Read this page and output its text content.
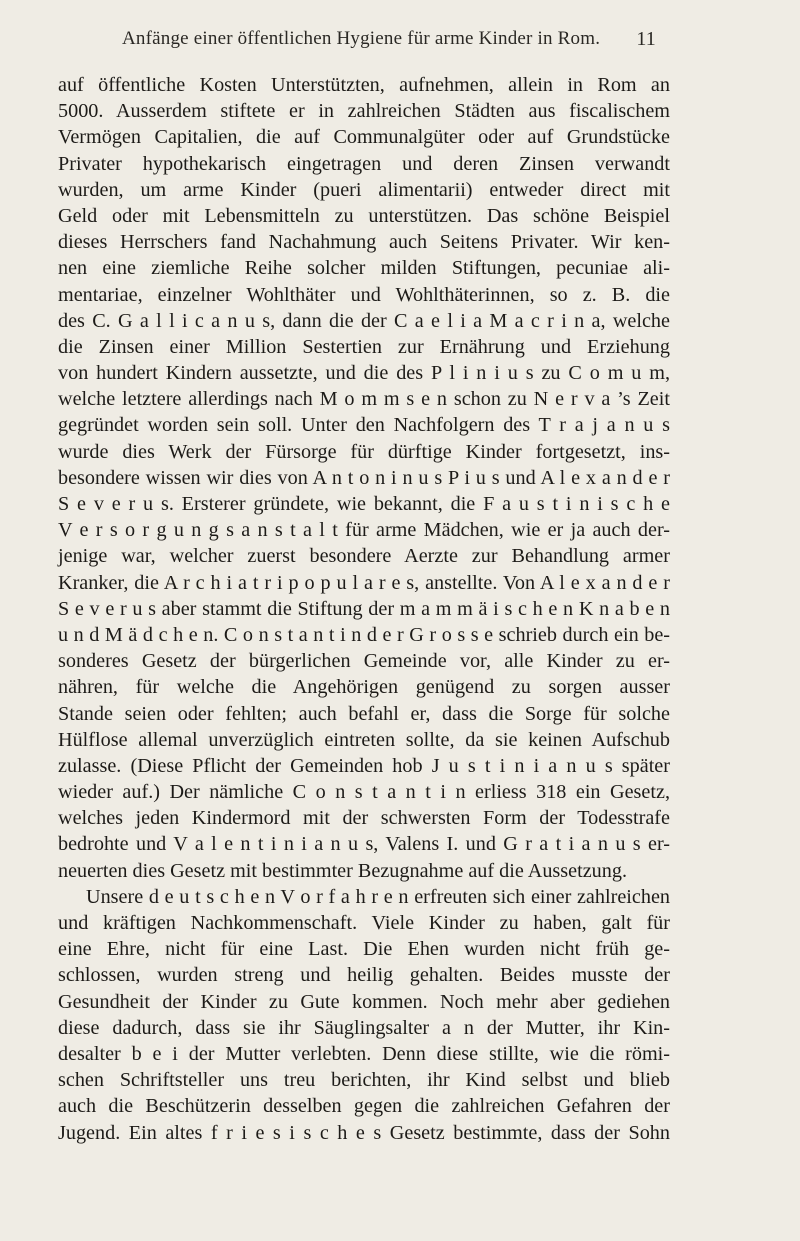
Anfänge einer öffentlichen Hygiene für arme Kinder in Rom. 11
auf öffentliche Kosten Unterstützten, aufnehmen, allein in Rom an
5000. Ausserdem stiftete er in zahlreichen Städten aus fiscalischem
Vermögen Capitalien, die auf Communalgüter oder auf Grundstücke
Privater hypothekarisch eingetragen und deren Zinsen verwandt
wurden, um arme Kinder (pueri alimentarii) entweder direct mit
Geld oder mit Lebensmitteln zu unterstützen. Das schöne Beispiel
dieses Herrschers fand Nachahmung auch Seitens Privater. Wir ken-
nen eine ziemliche Reihe solcher milden Stiftungen, pecuniae ali-
mentariae, einzelner Wohlthäter und Wohlthäterinnen, so z. B. die
des C. G a l l i c a n u s, dann die der C a e l i a M a c r i n a, welche
die Zinsen einer Million Sestertien zur Ernährung und Erziehung
von hundert Kindern aussetzte, und die des P l i n i u s zu C o m u m,
welche letztere allerdings nach M o m m s e n schon zu N e r v a ’s Zeit
gegründet worden sein soll. Unter den Nachfolgern des T r a j a n u s
wurde dies Werk der Fürsorge für dürftige Kinder fortgesetzt, ins-
besondere wissen wir dies von A n t o n i n u s P i u s und A l e x a n d e r
S e v e r u s. Ersterer gründete, wie bekannt, die F a u s t i n i s c h e
V e r s o r g u n g s a n s t a l t für arme Mädchen, wie er ja auch der-
jenige war, welcher zuerst besondere Aerzte zur Behandlung armer
Kranker, die A r c h i a t r i p o p u l a r e s, anstellte. Von A l e x a n d e r
S e v e r u s aber stammt die Stiftung der m a m m ä i s c h e n K n a b e n
u n d M ä d c h e n. C o n s t a n t i n d e r G r o s s e schrieb durch ein be-
sonderes Gesetz der bürgerlichen Gemeinde vor, alle Kinder zu er-
nähren, für welche die Angehörigen genügend zu sorgen ausser
Stande seien oder fehlten; auch befahl er, dass die Sorge für solche
Hülflose allemal unverzüglich eintreten sollte, da sie keinen Aufschub
zulasse. (Diese Pflicht der Gemeinden hob J u s t i n i a n u s später
wieder auf.) Der nämliche C o n s t a n t i n erliess 318 ein Gesetz,
welches jeden Kindermord mit der schwersten Form der Todesstrafe
bedrohte und V a l e n t i n i a n u s, Valens I. und G r a t i a n u s er-
neuerten dies Gesetz mit bestimmter Bezugnahme auf die Aussetzung.
Unsere d e u t s c h e n V o r f a h r e n erfreuten sich einer zahlreichen
und kräftigen Nachkommenschaft. Viele Kinder zu haben, galt für
eine Ehre, nicht für eine Last. Die Ehen wurden nicht früh ge-
schlossen, wurden streng und heilig gehalten. Beides musste der
Gesundheit der Kinder zu Gute kommen. Noch mehr aber gediehen
diese dadurch, dass sie ihr Säuglingsalter a n der Mutter, ihr Kin-
desalter b e i der Mutter verlebten. Denn diese stillte, wie die römi-
schen Schriftsteller uns treu berichten, ihr Kind selbst und blieb
auch die Beschützerin desselben gegen die zahlreichen Gefahren der
Jugend. Ein altes f r i e s i s c h e s Gesetz bestimmte, dass der Sohn
